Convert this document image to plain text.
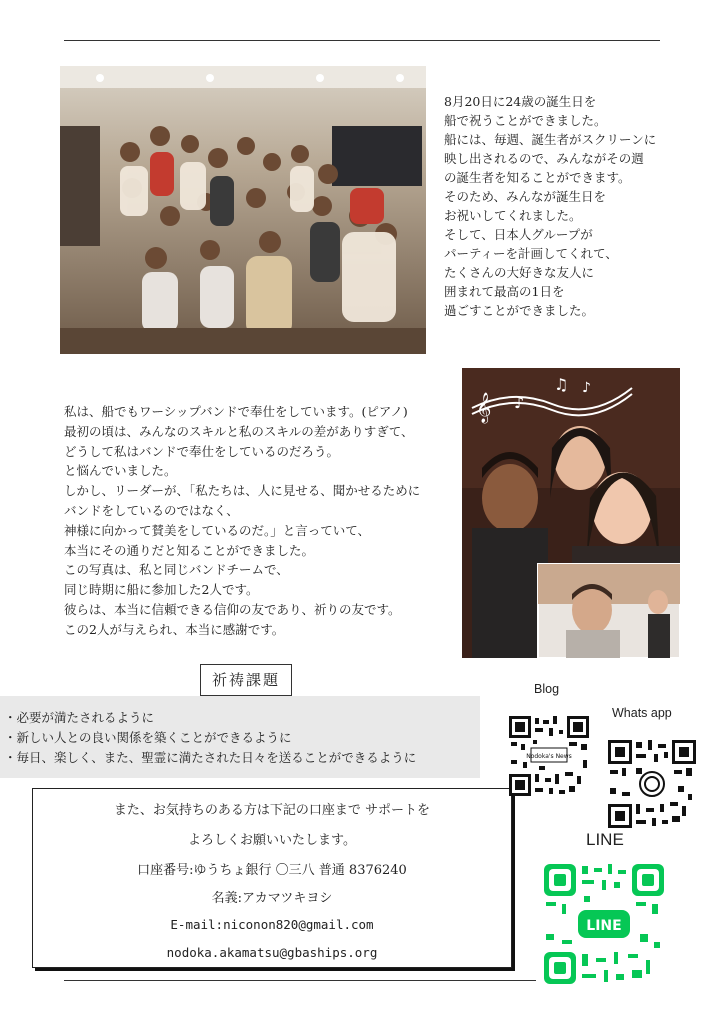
8月20日に24歳の誕生日を
船で祝うことができました。
船には、毎週、誕生者がスクリーンに
映し出されるので、みんながその週
の誕生者を知ることができます。
そのため、みんなが誕生日を
お祝いしてくれました。
そして、日本人グループが
パーティーを計画してくれて、
たくさんの大好きな友人に
囲まれて最高の1日を
過ごすことができました。
𝄞 ♪
♫ ♪
私は、船でもワーシップバンドで奉仕をしています。(ピアノ)
最初の頃は、みんなのスキルと私のスキルの差がありすぎて、
どうして私はバンドで奉仕をしているのだろう。
と悩んでいました。
しかし、リーダーが、「私たちは、人に見せる、聞かせるために
バンドをしているのではなく、
神様に向かって賛美をしているのだ。」と言っていて、
本当にその通りだと知ることができました。
この写真は、私と同じバンドチームで、
同じ時期に船に参加した2人です。
彼らは、本当に信頼できる信仰の友であり、祈りの友です。
この2人が与えられ、本当に感謝です。
・必要が満たされるように
・新しい人との良い関係を築くことができるように
・毎日、楽しく、また、聖霊に満たされた日々を送ることができるように
祈祷課題
また、お気持ちのある方は下記の口座まで サポートを
よろしくお願いいたします。
口座番号:ゆうちょ銀行 〇三八 普通 8376240
名義:アカマツキヨシ
E-mail:niconon820@gmail.com
nodoka.akamatsu@gbaships.org
Blog
Nodoka's News
Whats app
LINE
LINE
